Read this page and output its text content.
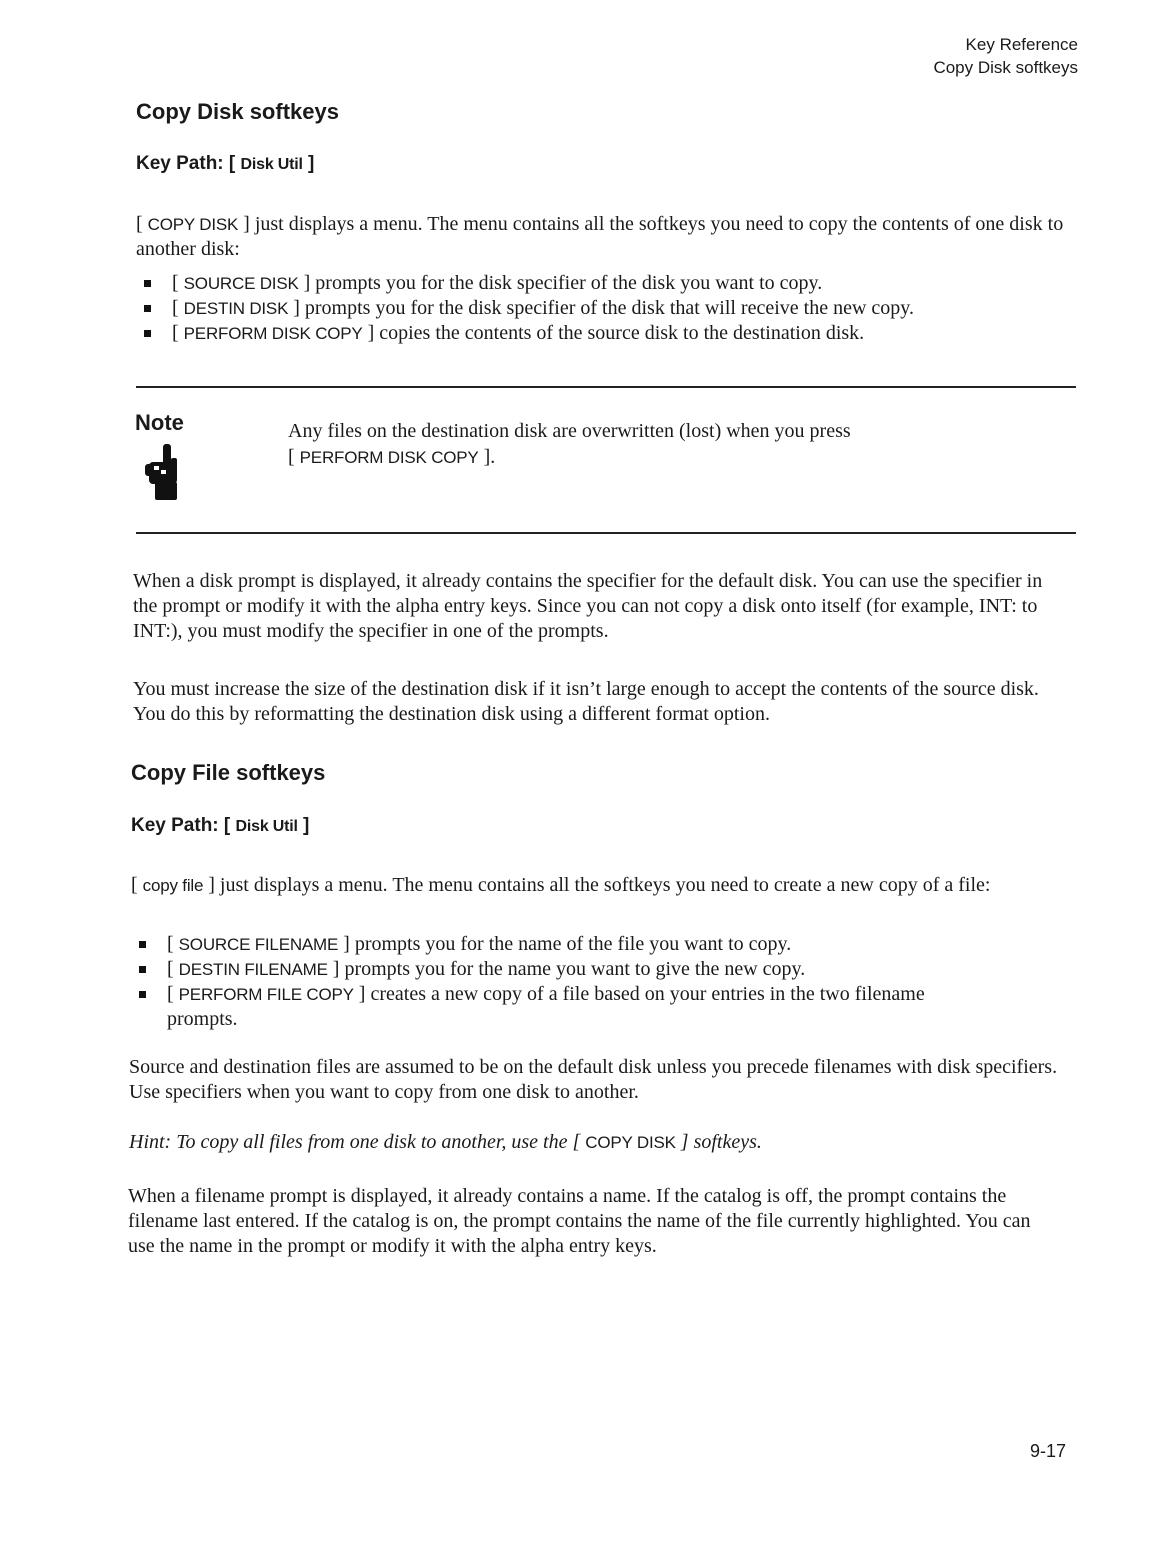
Key Reference
Copy Disk softkeys
Copy Disk softkeys
Key Path: [ Disk Util ]
[ COPY DISK ] just displays a menu. The menu contains all the softkeys you need to copy the contents of one disk to another disk:
[ SOURCE DISK ] prompts you for the disk specifier of the disk you want to copy.
[ DESTIN DISK ] prompts you for the disk specifier of the disk that will receive the new copy.
[ PERFORM DISK COPY ] copies the contents of the source disk to the destination disk.
Note	Any files on the destination disk are overwritten (lost) when you press
[ PERFORM DISK COPY ].
When a disk prompt is displayed, it already contains the specifier for the default disk. You can use the specifier in the prompt or modify it with the alpha entry keys. Since you can not copy a disk onto itself (for example, INT: to INT:), you must modify the specifier in one of the prompts.
You must increase the size of the destination disk if it isn’t large enough to accept the contents of the source disk. You do this by reformatting the destination disk using a different format option.
Copy File softkeys
Key Path: [ Disk Util ]
[ copy file ] just displays a menu. The menu contains all the softkeys you need to create a new copy of a file:
[ SOURCE FILENAME ] prompts you for the name of the file you want to copy.
[ DESTIN FILENAME ] prompts you for the name you want to give the new copy.
[ PERFORM FILE COPY ] creates a new copy of a file based on your entries in the two filename prompts.
Source and destination files are assumed to be on the default disk unless you precede filenames with disk specifiers. Use specifiers when you want to copy from one disk to another.
Hint: To copy all files from one disk to another, use the [ COPY DISK ] softkeys.
When a filename prompt is displayed, it already contains a name. If the catalog is off, the prompt contains the filename last entered. If the catalog is on, the prompt contains the name of the file currently highlighted. You can use the name in the prompt or modify it with the alpha entry keys.
9-17
